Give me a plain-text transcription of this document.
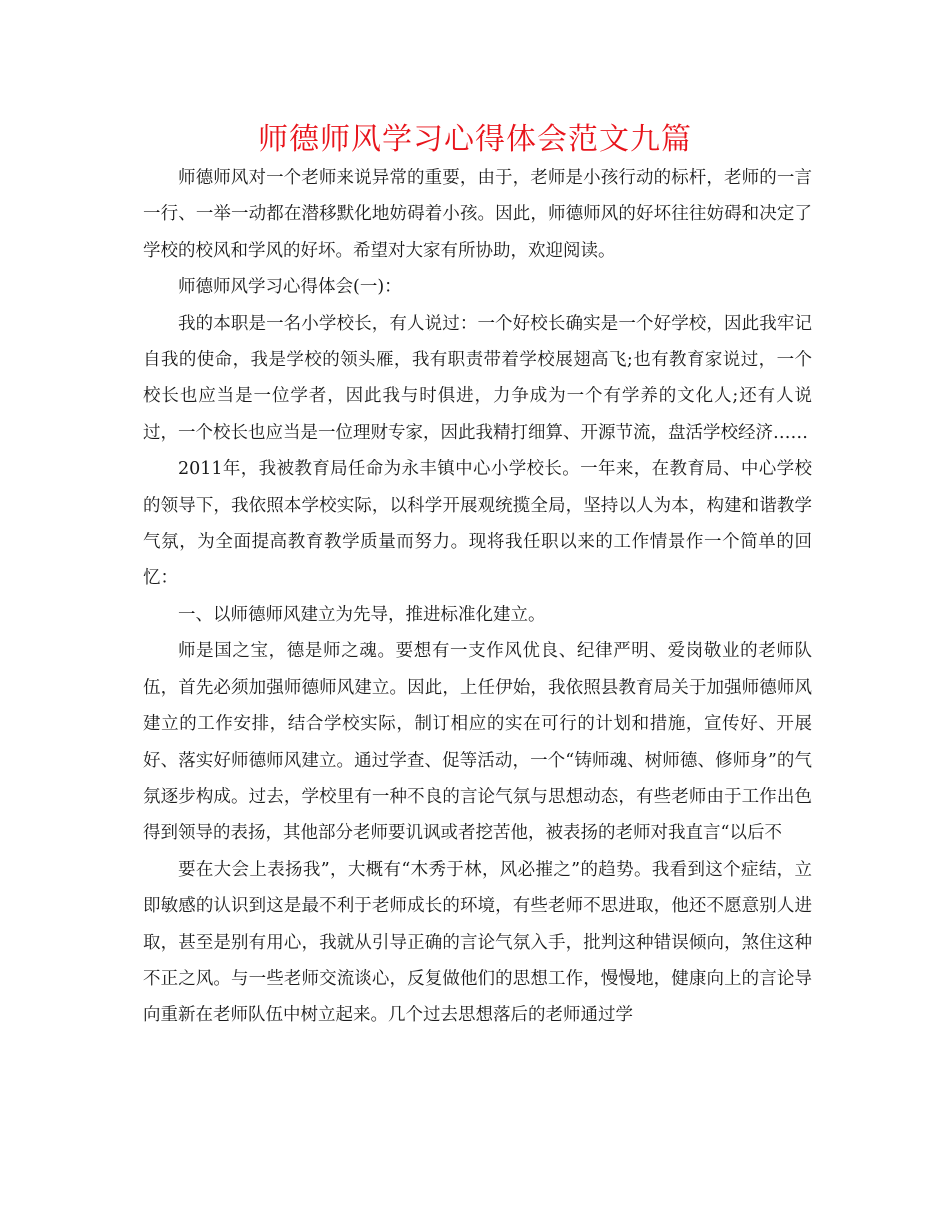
师德师风学习心得体会范文九篇

师德师风对一个老师来说异常的重要，由于，老师是小孩行动的标杆，老师的一言一行、一举一动都在潜移默化地妨碍着小孩。因此，师德师风的好坏往往妨碍和决定了学校的校风和学风的好坏。希望对大家有所协助，欢迎阅读。

师德师风学习心得体会(一)：

我的本职是一名小学校长，有人说过：一个好校长确实是一个好学校，因此我牢记自我的使命，我是学校的领头雁，我有职责带着学校展翅高飞;也有教育家说过，一个校长也应当是一位学者，因此我与时俱进，力争成为一个有学养的文化人;还有人说过，一个校长也应当是一位理财专家，因此我精打细算、开源节流，盘活学校经济……

2011年，我被教育局任命为永丰镇中心小学校长。一年来，在教育局、中心学校的领导下，我依照本学校实际，以科学开展观统揽全局，坚持以人为本，构建和谐教学气氛，为全面提高教育教学质量而努力。现将我任职以来的工作情景作一个简单的回忆：

一、以师德师风建立为先导，推进标准化建立。

师是国之宝，德是师之魂。要想有一支作风优良、纪律严明、爱岗敬业的老师队伍，首先必须加强师德师风建立。因此，上任伊始，我依照县教育局关于加强师德师风建立的工作安排，结合学校实际，制订相应的实在可行的计划和措施，宣传好、开展好、落实好师德师风建立。通过学查、促等活动，一个“铸师魂、树师德、修师身”的气氛逐步构成。过去，学校里有一种不良的言论气氛与思想动态，有些老师由于工作出色得到领导的表扬，其他部分老师要讥讽或者挖苦他，被表扬的老师对我直言“以后不

要在大会上表扬我”，大概有“木秀于林，风必摧之”的趋势。我看到这个症结，立即敏感的认识到这是最不利于老师成长的环境，有些老师不思进取，他还不愿意别人进取，甚至是别有用心，我就从引导正确的言论气氛入手，批判这种错误倾向，煞住这种不正之风。与一些老师交流谈心，反复做他们的思想工作，慢慢地，健康向上的言论导向重新在老师队伍中树立起来。几个过去思想落后的老师通过学
